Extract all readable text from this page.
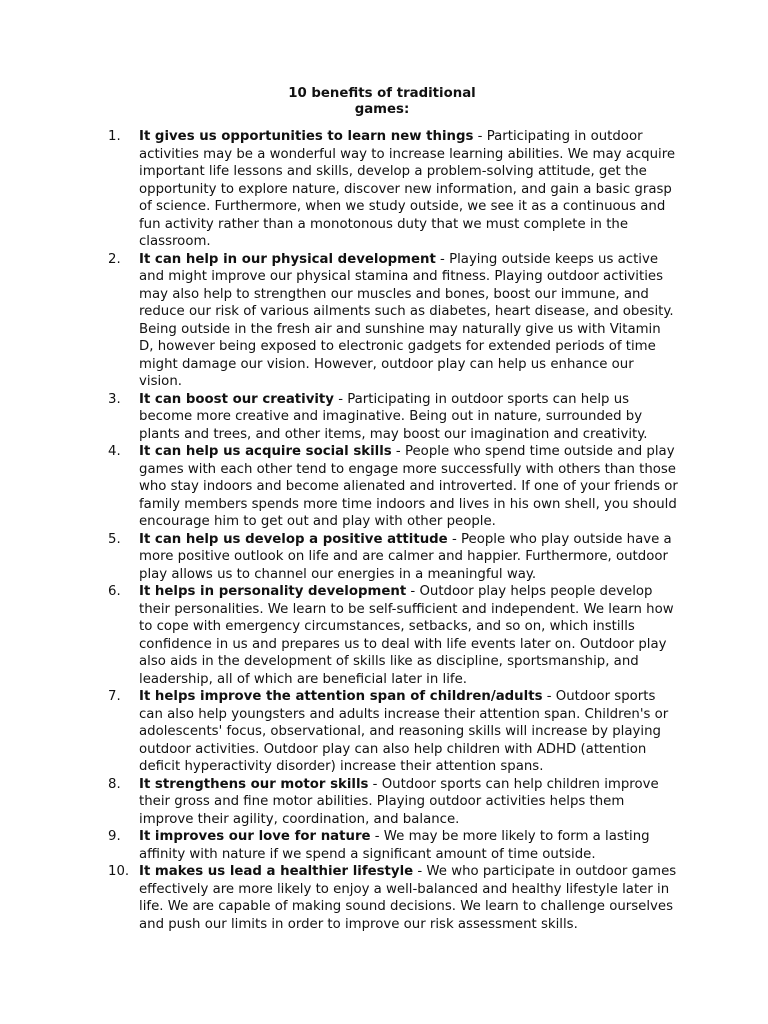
10 benefits of traditional
games:
1.	It gives us opportunities to learn new things - Participating in outdoor activities may be a wonderful way to increase learning abilities. We may acquire important life lessons and skills, develop a problem-solving attitude, get the opportunity to explore nature, discover new information, and gain a basic grasp of science. Furthermore, when we study outside, we see it as a continuous and fun activity rather than a monotonous duty that we must complete in the classroom.
2.	It can help in our physical development - Playing outside keeps us active and might improve our physical stamina and fitness. Playing outdoor activities may also help to strengthen our muscles and bones, boost our immune, and reduce our risk of various ailments such as diabetes, heart disease, and obesity. Being outside in the fresh air and sunshine may naturally give us with Vitamin D, however being exposed to electronic gadgets for extended periods of time might damage our vision. However, outdoor play can help us enhance our vision.
3.	It can boost our creativity - Participating in outdoor sports can help us become more creative and imaginative. Being out in nature, surrounded by plants and trees, and other items, may boost our imagination and creativity.
4.	It can help us acquire social skills - People who spend time outside and play games with each other tend to engage more successfully with others than those who stay indoors and become alienated and introverted. If one of your friends or family members spends more time indoors and lives in his own shell, you should encourage him to get out and play with other people.
5.	It can help us develop a positive attitude - People who play outside have a more positive outlook on life and are calmer and happier. Furthermore, outdoor play allows us to channel our energies in a meaningful way.
6.	It helps in personality development - Outdoor play helps people develop their personalities. We learn to be self-sufficient and independent. We learn how to cope with emergency circumstances, setbacks, and so on, which instills confidence in us and prepares us to deal with life events later on. Outdoor play also aids in the development of skills like as discipline, sportsmanship, and leadership, all of which are beneficial later in life.
7.	It helps improve the attention span of children/adults - Outdoor sports can also help youngsters and adults increase their attention span. Children's or adolescents' focus, observational, and reasoning skills will increase by playing outdoor activities. Outdoor play can also help children with ADHD (attention deficit hyperactivity disorder) increase their attention spans.
8.	It strengthens our motor skills - Outdoor sports can help children improve their gross and fine motor abilities. Playing outdoor activities helps them improve their agility, coordination, and balance.
9.	It improves our love for nature - We may be more likely to form a lasting affinity with nature if we spend a significant amount of time outside.
10. It makes us lead a healthier lifestyle - We who participate in outdoor games effectively are more likely to enjoy a well-balanced and healthy lifestyle later in life. We are capable of making sound decisions. We learn to challenge ourselves and push our limits in order to improve our risk assessment skills.
